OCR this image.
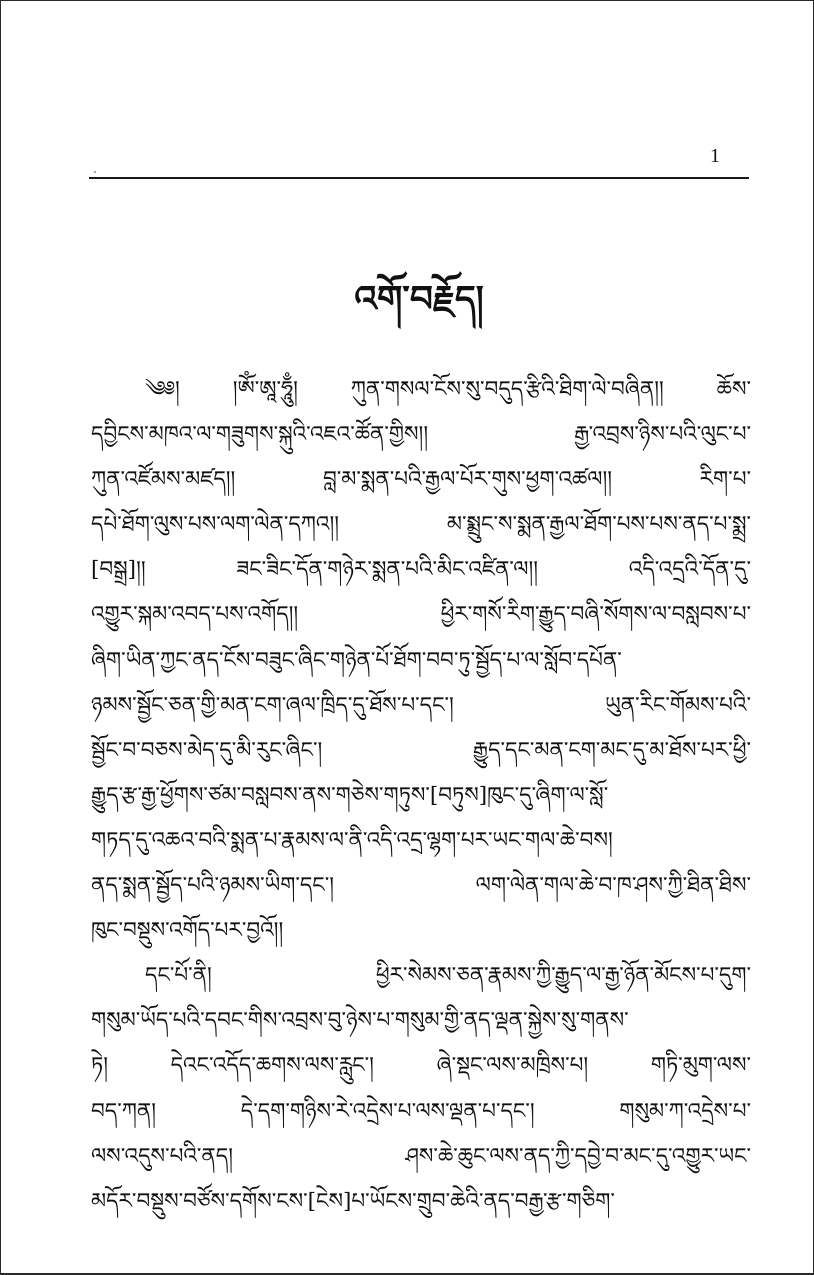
1
འགོ་བརྗོད།
༄༅། །ཨོཾ་ཨཱ་ཧཱུྃ། ཀུན་གསལ་ངོས་སུ་བདུད་རྩིའི་ཐིག་ལེ་བཞིན།། ཆོས་
དབྱིངས་མཁའ་ལ་གཟུགས་སྐུའི་འཇའ་ཚོན་གྱིས།། རྒྱ་འབྲས་ཉིས་པའི་ལུང་པ་
ཀུན་འཛོམས་མཛད།། བླ་མ་སྨན་པའི་རྒྱལ་པོར་གུས་ཕྱག་འཚལ།། རིག་པ་
དཔེ་ཐོག་ལུས་པས་ལག་ལེན་དཀའ།། མ་སྨྲུང་ས་སྨན་རྒྱལ་ཐོག་པས་པས་ནད་པ་སྨྲ་
[བསྒྲ]།། ཟང་ཟིང་དོན་གཉེར་སྨན་པའི་མིང་འཛིན་ལ།། འདི་འདྲའི་དོན་དུ་
འགྱུར་སྐམ་འབད་པས་འགོད།། ཕྱིར་གསོ་རིག་རྒྱུད་བཞི་སོགས་ལ་བསླབས་པ་
ཞིག་ཡིན་ཀྱང་ནད་ངོས་བཟུང་ཞིང་གཉེན་པོ་ཐོག་བབ་ཏུ་སྦྱོད་པ་ལ་སློབ་དཔོན་
ཉམས་སྦྱོང་ཅན་གྱི་མན་ངག་ཞལ་ཁྲིད་དུ་ཐོས་པ་དང་། ཡུན་རིང་གོམས་པའི་
སྦྱོང་བ་བཅས་མེད་དུ་མི་རུང་ཞིང་། རྒྱུད་དང་མན་ངག་མང་དུ་མ་ཐོས་པར་ཕྱི་
རྒྱུད་རྩ་རྒྱ་ཕྱོགས་ཙམ་བསླབས་ནས་གཅེས་གཏུས་[བཏུས]ཁུང་དུ་ཞིག་ལ་སློ་
གཏད་དུ་འཆའ་བའི་སྨན་པ་རྣམས་ལ་ནི་འདི་འདྲ་ལྷག་པར་ཡང་གལ་ཆེ་བས།
ནད་སྨན་སྦྱོད་པའི་ཉམས་ཡིག་དང་། ལག་ལེན་གལ་ཆེ་བ་ཁ་ཤས་ཀྱི་ཐིན་ཐིས་
ཁུང་བསྡུས་འགོད་པར་བྱའོ།།
དང་པོ་ནི། ཕྱིར་སེམས་ཅན་རྣམས་ཀྱི་རྒྱུད་ལ་རྒྱ་ཉོན་མོངས་པ་དུག་
གསུམ་ཡོད་པའི་དབང་གིས་འབྲས་བུ་ཉེས་པ་གསུམ་གྱི་ནད་ལྡན་སྐྱེས་སུ་གནས་
ཏེ། དེའང་འདོད་ཆགས་ལས་རླུང་། ཞེ་སྡང་ལས་མཁྲིས་པ། གཏི་མུག་ལས་
བད་ཀན། དེ་དག་གཉིས་རེ་འདྲེས་པ་ལས་ལྡན་པ་དང་། གསུམ་ཀ་འདྲེས་པ་
ལས་འདུས་པའི་ནད། ཤས་ཆེ་ཆུང་ལས་ནད་ཀྱི་དབྱེ་བ་མང་དུ་འགྱུར་ཡང་
མདོར་བསྡུས་བཙོས་དགོས་ངས་[ངེས]པ་ཡོངས་གྲུབ་ཆེའི་ནད་བརྒྱ་རྩ་གཅིག་
